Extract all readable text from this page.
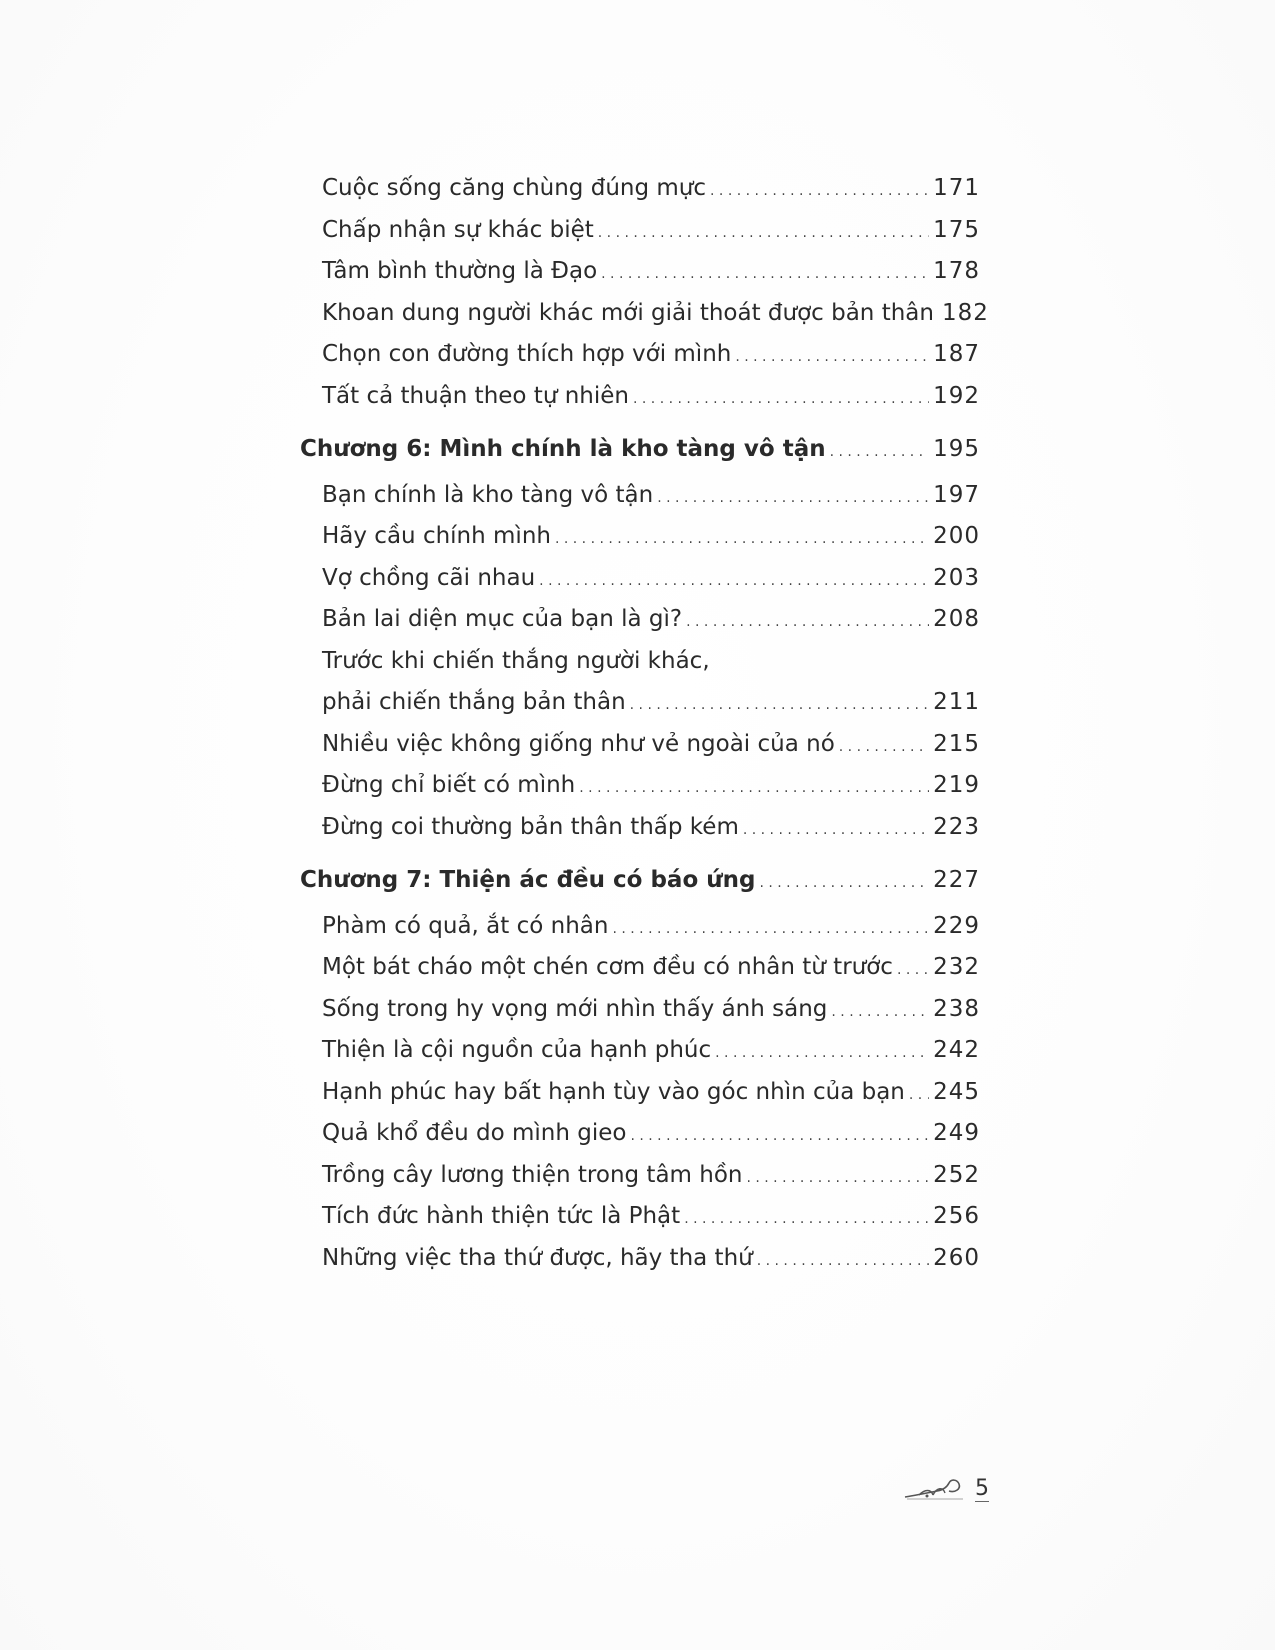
Cuộc sống căng chùng đúng mực . . .	171
Chấp nhận sự khác biệt . . .	175
Tâm bình thường là Đạo . . .	178
Khoan dung người khác mới giải thoát được bản thân 182
Chọn con đường thích hợp với mình . . .	187
Tất cả thuận theo tự nhiên . . .	192
Chương 6: Mình chính là kho tàng vô tận . . .	195
Bạn chính là kho tàng vô tận . . .	197
Hãy cầu chính mình . . .	200
Vợ chồng cãi nhau . . .	203
Bản lai diện mục của bạn là gì? . . .	208
Trước khi chiến thắng người khác,
phải chiến thắng bản thân . . .	211
Nhiều việc không giống như vẻ ngoài của nó . . .	215
Đừng chỉ biết có mình . . .	219
Đừng coi thường bản thân thấp kém . . .	223
Chương 7: Thiện ác đều có báo ứng . . .	227
Phàm có quả, ắt có nhân . . .	229
Một bát cháo một chén cơm đều có nhân từ trước . . . 232
Sống trong hy vọng mới nhìn thấy ánh sáng . . .	238
Thiện là cội nguồn của hạnh phúc . . .	242
Hạnh phúc hay bất hạnh tùy vào góc nhìn của bạn . . . 245
Quả khổ đều do mình gieo . . .	249
Trồng cây lương thiện trong tâm hồn . . .	252
Tích đức hành thiện tức là Phật . . .	256
Những việc tha thứ được, hãy tha thứ . . .	260
5
